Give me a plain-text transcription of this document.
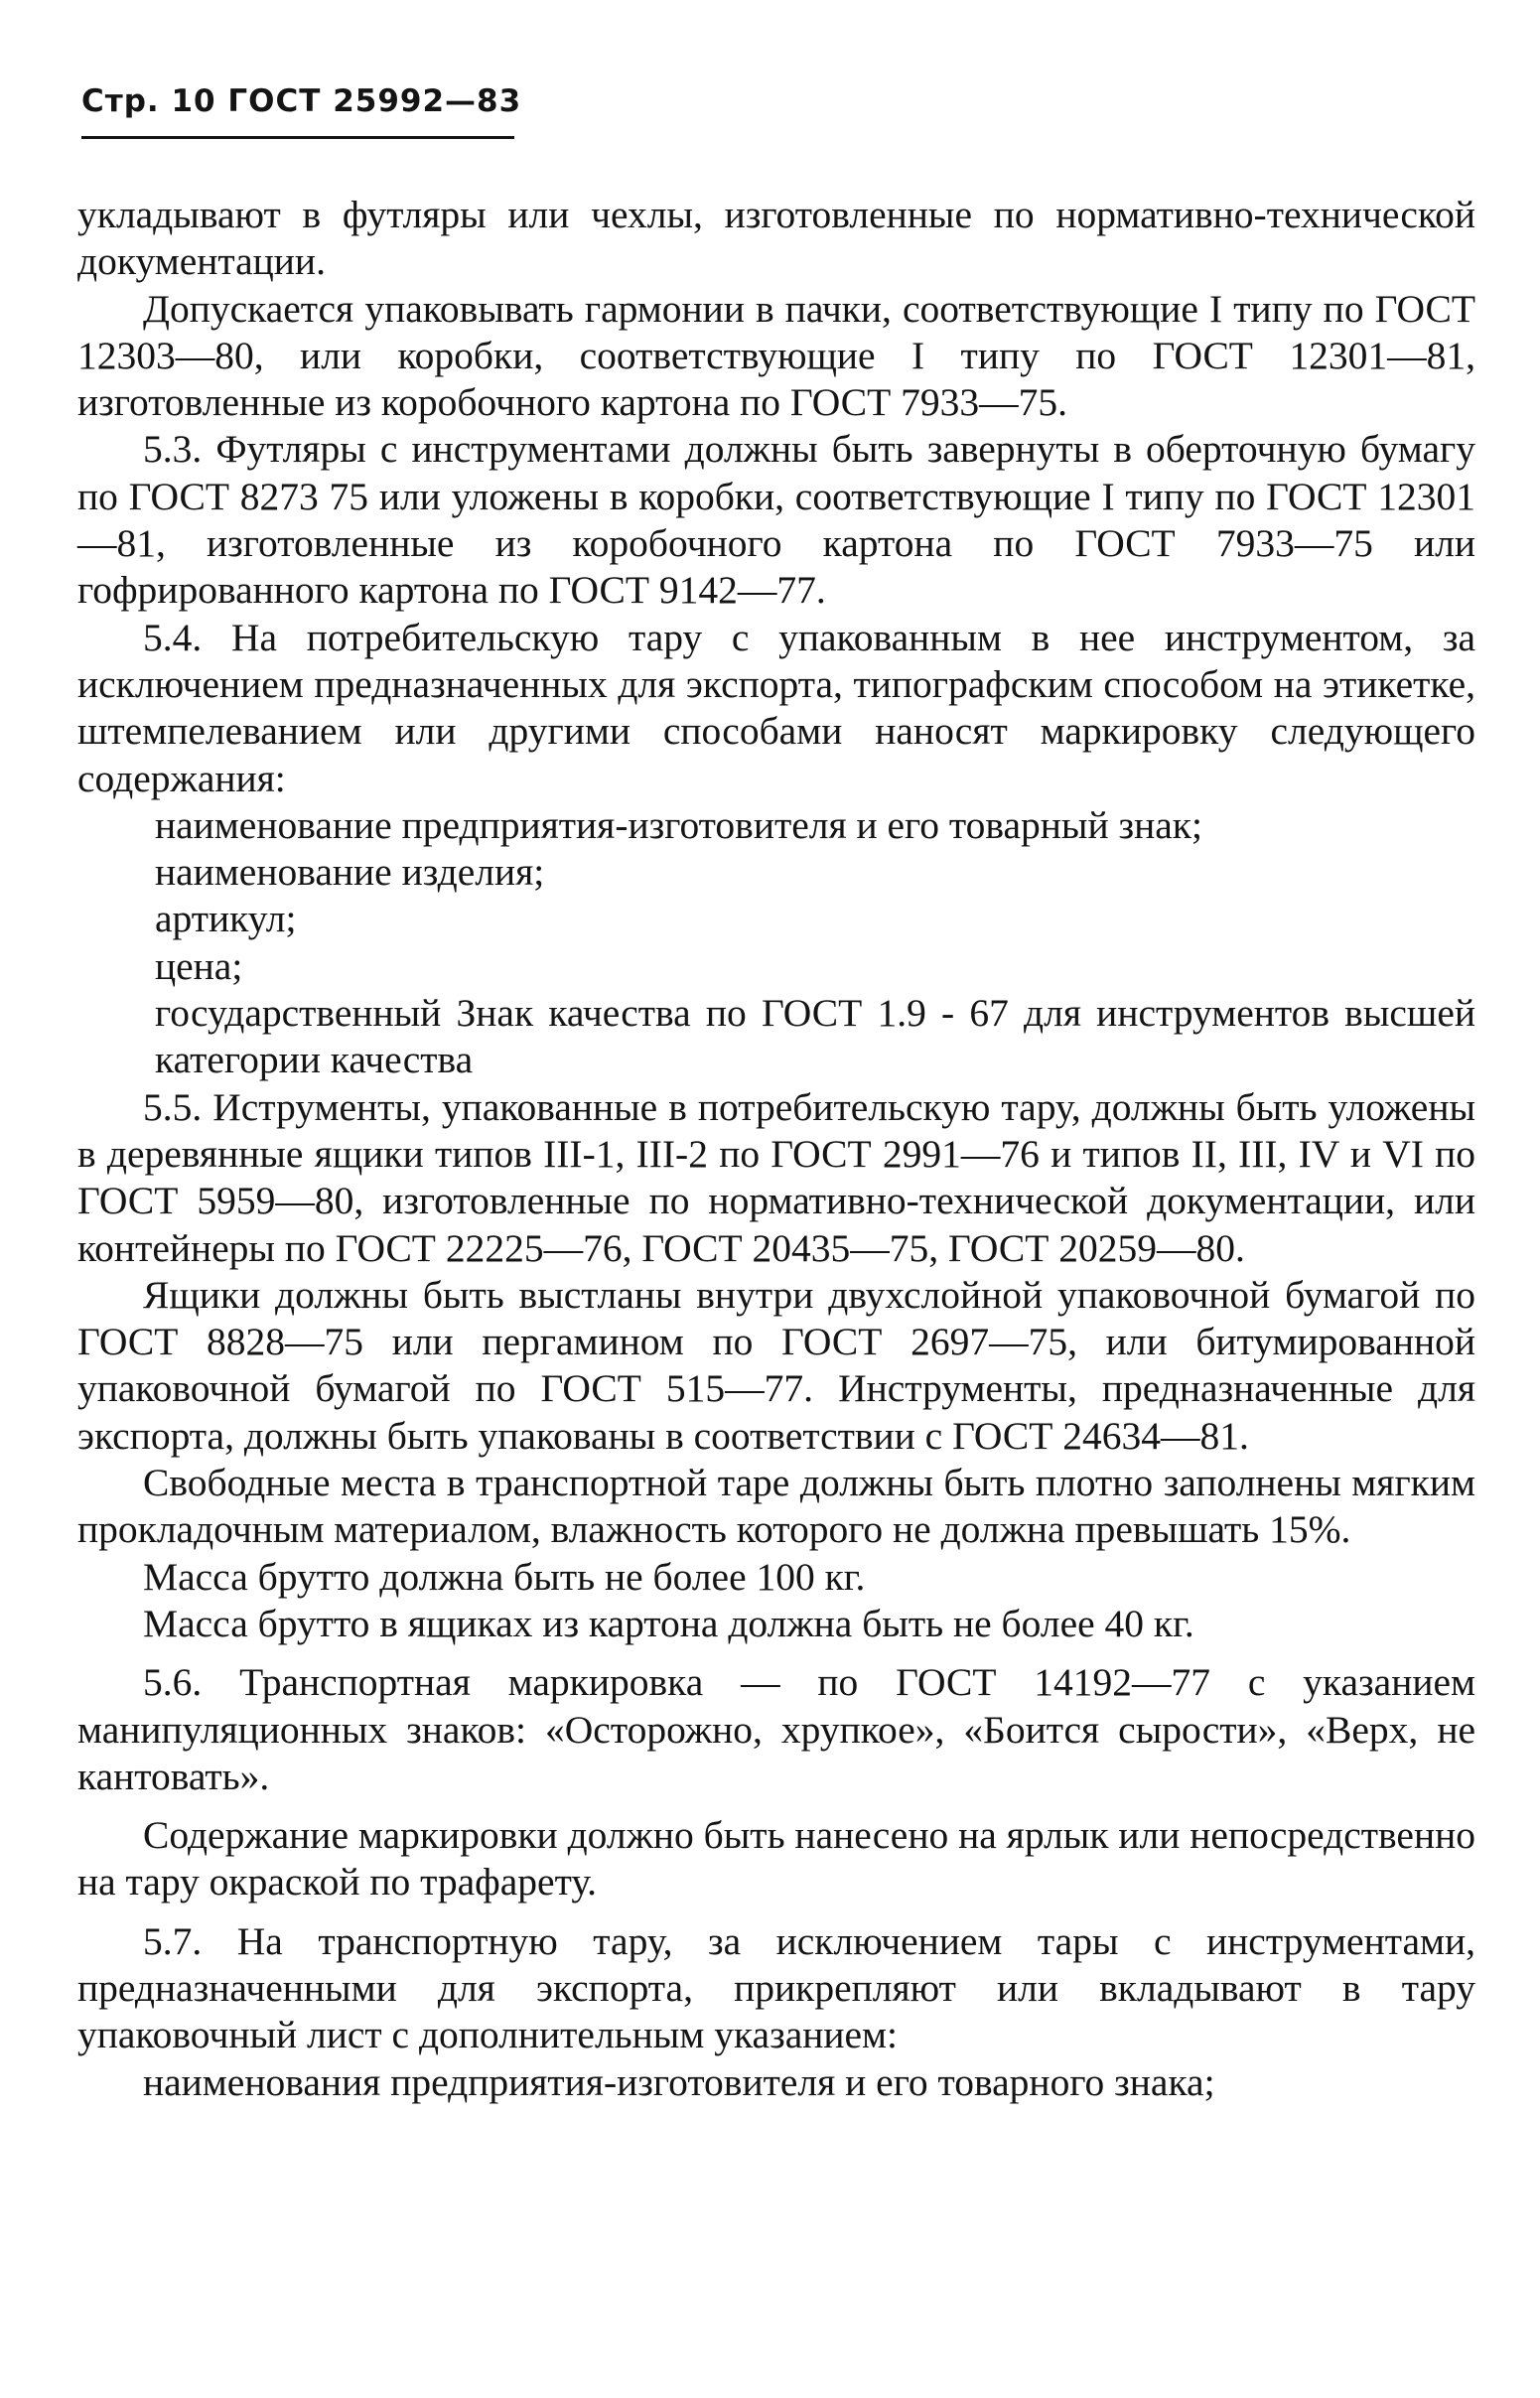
Стр. 10 ГОСТ 25992—83

укладывают в футляры или чехлы, изготовленные по нормативно-технической документации.

Допускается упаковывать гармонии в пачки, соответствующие I типу по ГОСТ 12303—80, или коробки, соответствующие I типу по ГОСТ 12301—81, изготовленные из коробочного картона по ГОСТ 7933—75.

5.3. Футляры с инструментами должны быть завернуты в оберточную бумагу по ГОСТ 8273 75 или уложены в коробки, соответствующие I типу по ГОСТ 12301—81, изготовленные из коробочного картона по ГОСТ 7933—75 или гофрированного картона по ГОСТ 9142—77.

5.4. На потребительскую тару с упакованным в нее инструментом, за исключением предназначенных для экспорта, типографским способом на этикетке, штемпелеванием или другими способами наносят маркировку следующего содержания:

наименование предприятия-изготовителя и его товарный знак;

наименование изделия;

артикул;

цена;

государственный Знак качества по ГОСТ 1.9 - 67 для инструментов высшей категории качества

5.5. Иструменты, упакованные в потребительскую тару, должны быть уложены в деревянные ящики типов III-1, III-2 по ГОСТ 2991—76 и типов II, III, IV и VI по ГОСТ 5959—80, изготовленные по нормативно-технической документации, или контейнеры по ГОСТ 22225—76, ГОСТ 20435—75, ГОСТ 20259—80.

Ящики должны быть выстланы внутри двухслойной упаковочной бумагой по ГОСТ 8828—75 или пергамином по ГОСТ 2697—75, или битумированной упаковочной бумагой по ГОСТ 515—77. Инструменты, предназначенные для экспорта, должны быть упакованы в соответствии с ГОСТ 24634—81.

Свободные места в транспортной таре должны быть плотно заполнены мягким прокладочным материалом, влажность которого не должна превышать 15%.

Масса брутто должна быть не более 100 кг.

Масса брутто в ящиках из картона должна быть не более 40 кг.

5.6. Транспортная маркировка — по ГОСТ 14192—77 с указанием манипуляционных знаков: «Осторожно, хрупкое», «Боится сырости», «Верх, не кантовать».

Содержание маркировки должно быть нанесено на ярлык или непосредственно на тару окраской по трафарету.

5.7. На транспортную тару, за исключением тары с инструментами, предназначенными для экспорта, прикрепляют или вкладывают в тару упаковочный лист с дополнительным указанием:

наименования предприятия-изготовителя и его товарного знака;
